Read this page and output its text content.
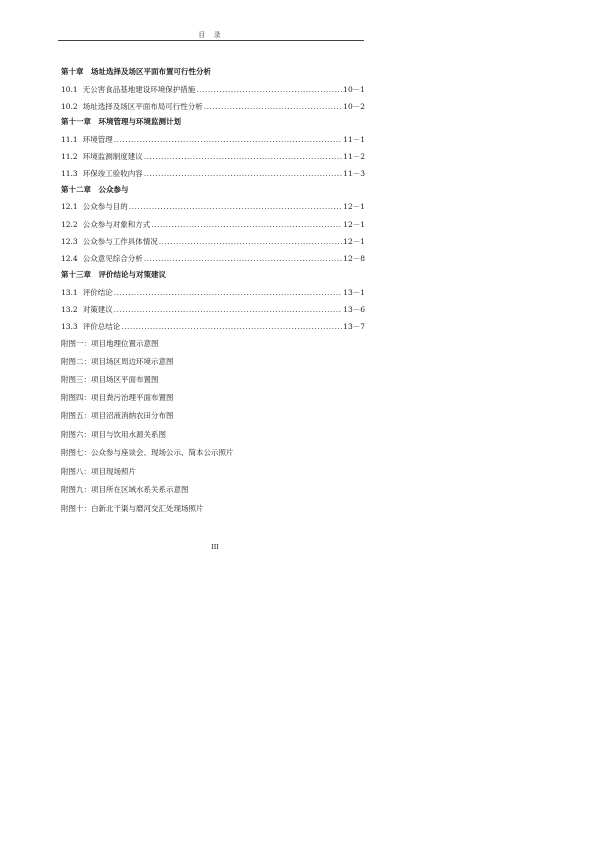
目 录
第十章　场址选择及场区平面布置可行性分析
10.1 无公害食品基地建设环境保护措施 .....	10－1
10.2 场址选择及场区平面布局可行性分析 .....	10－2
第十一章　环境管理与环境监测计划
11.1 环境管理 .....	11－1
11.2 环境监测制度建议 .....	11－2
11.3 环保竣工验收内容 .....	11－3
第十二章　公众参与
12.1 公众参与目的 .....	12－1
12.2 公众参与对象和方式 .....	12－1
12.3 公众参与工作具体情况 .....	12－1
12.4 公众意见综合分析 .....	12－8
第十三章　评价结论与对策建议
13.1 评价结论 .....	13－1
13.2 对策建议 .....	13－6
13.3 评价总结论 .....	13－7
附图一：项目地理位置示意图
附图二：项目场区周边环境示意图
附图三：项目场区平面布置图
附图四：项目粪污治理平面布置图
附图五：项目沼液消纳农田分布图
附图六：项目与饮用水源关系图
附图七：公众参与座谈会、现场公示、简本公示照片
附图八：项目现场照片
附图九：项目所在区域水系关系示意图
附图十：白新北干渠与磨河交汇处现场照片
III
